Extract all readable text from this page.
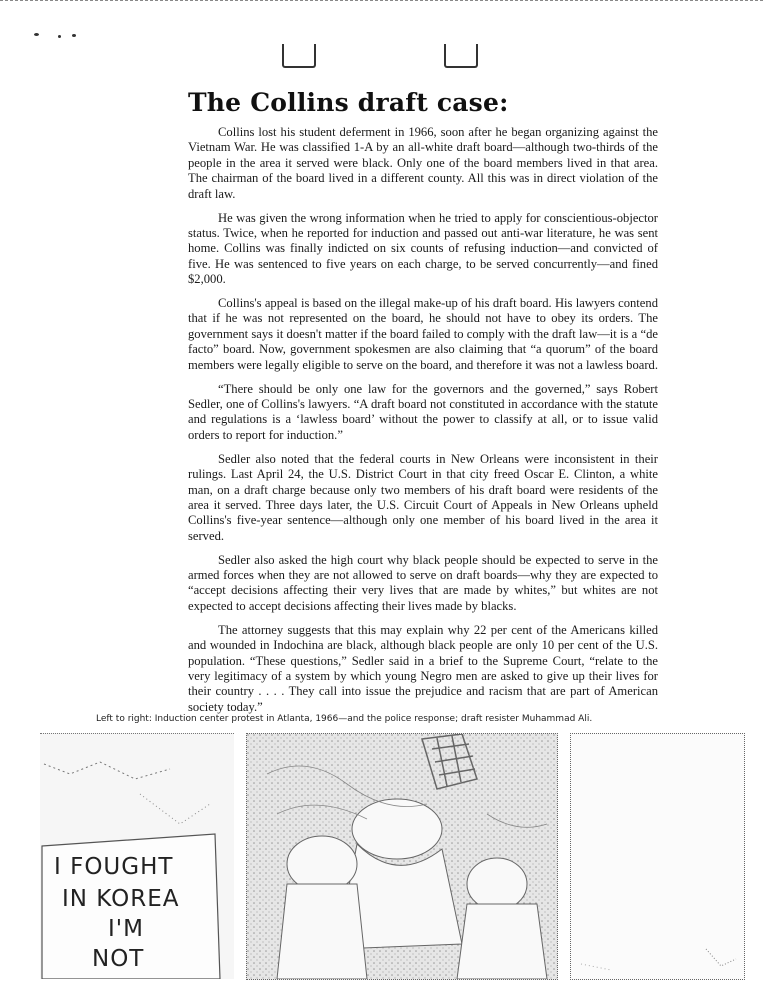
The Collins draft case:

Collins lost his student deferment in 1966, soon after he began organizing against the Vietnam War. He was classified 1-A by an all-white draft board—although two-thirds of the people in the area it served were black. Only one of the board members lived in that area. The chairman of the board lived in a different county. All this was in direct violation of the draft law.

He was given the wrong information when he tried to apply for conscientious-objector status. Twice, when he reported for induction and passed out anti-war literature, he was sent home. Collins was finally indicted on six counts of refusing induction—and convicted of five. He was sentenced to five years on each charge, to be served concurrently—and fined $2,000.

Collins's appeal is based on the illegal make-up of his draft board. His lawyers contend that if he was not represented on the board, he should not have to obey its orders. The government says it doesn't matter if the board failed to comply with the draft law—it is a “de facto” board. Now, government spokesmen are also claiming that “a quorum” of the board members were legally eligible to serve on the board, and therefore it was not a lawless board.

“There should be only one law for the governors and the governed,” says Robert Sedler, one of Collins's lawyers. “A draft board not constituted in accordance with the statute and regulations is a ‘lawless board’ without the power to classify at all, or to issue valid orders to report for induction.”

Sedler also noted that the federal courts in New Orleans were inconsistent in their rulings. Last April 24, the U.S. District Court in that city freed Oscar E. Clinton, a white man, on a draft charge because only two members of his draft board were residents of the area it served. Three days later, the U.S. Circuit Court of Appeals in New Orleans upheld Collins's five-year sentence—although only one member of his board lived in the area it served.

Sedler also asked the high court why black people should be expected to serve in the armed forces when they are not allowed to serve on draft boards—why they are expected to “accept decisions affecting their very lives that are made by whites,” but whites are not expected to accept decisions affecting their lives made by blacks.

The attorney suggests that this may explain why 22 per cent of the Americans killed and wounded in Indochina are black, although black people are only 10 per cent of the U.S. population. “These questions,” Sedler said in a brief to the Supreme Court, “relate to the very legitimacy of a system by which young Negro men are asked to give up their lives for their country . . . . They call into issue the prejudice and racism that are part of American society today.”

Left to right: Induction center protest in Atlanta, 1966—and the police response; draft resister Muhammad Ali.

I FOUGHT
IN KOREA
I'M
NOT
